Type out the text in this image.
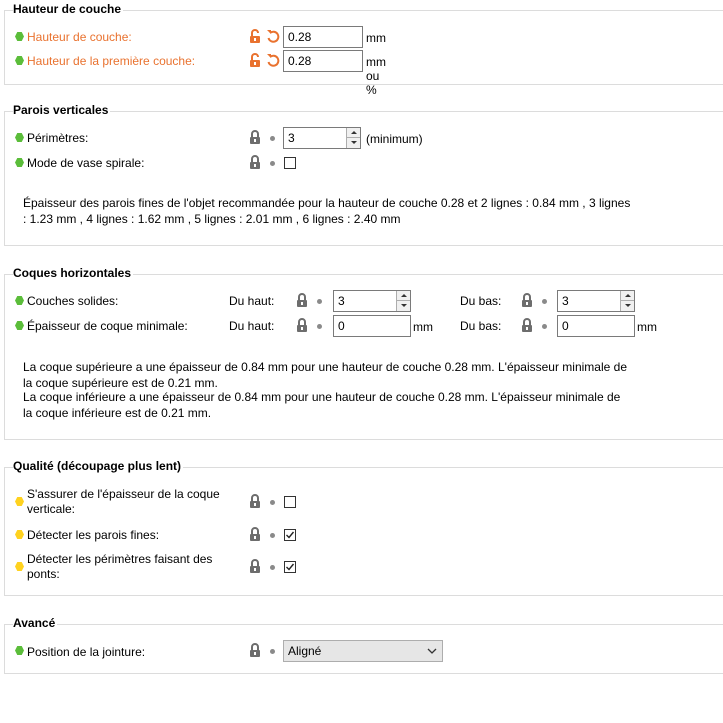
Hauteur de couche
Hauteur de couche:	0.28	mm
Hauteur de la première couche:	0.28	mm ou %
Parois verticales
Périmètres:	3	(minimum)
Mode de vase spirale:
Épaisseur des parois fines de l'objet recommandée pour la hauteur de couche 0.28 et 2 lignes : 0.84 mm , 3 lignes : 1.23 mm , 4 lignes : 1.62 mm , 5 lignes : 2.01 mm , 6 lignes : 2.40 mm
Coques horizontales
Couches solides:	Du haut:	3	Du bas:	3
Épaisseur de coque minimale:	Du haut:	0	mm Du bas:	0	mm
La coque supérieure a une épaisseur de 0.84 mm pour une hauteur de couche 0.28 mm. L'épaisseur minimale de la coque supérieure est de 0.21 mm.
La coque inférieure a une épaisseur de 0.84 mm pour une hauteur de couche 0.28 mm. L'épaisseur minimale de la coque inférieure est de 0.21 mm.
Qualité (découpage plus lent)
S'assurer de l'épaisseur de la coque verticale:
Détecter les parois fines:
Détecter les périmètres faisant des ponts:
Avancé
Position de la jointure:	Aligné
